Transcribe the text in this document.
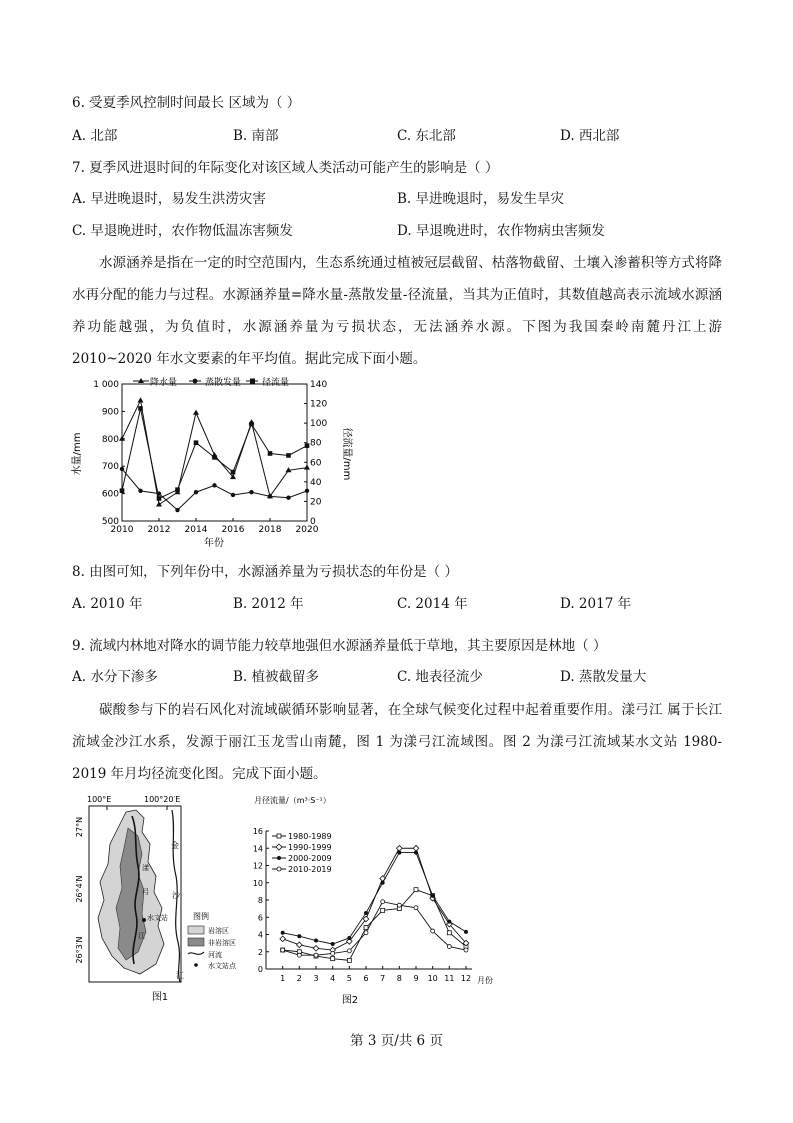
6. 受夏季风控制时间最长 区域为（ ）
A. 北部	B. 南部	C. 东北部	D. 西北部
7. 夏季风进退时间的年际变化对该区域人类活动可能产生的影响是（ ）
A. 早进晚退时，易发生洪涝灾害	B. 早进晚退时，易发生旱灾
C. 早退晚进时，农作物低温冻害频发	D. 早退晚进时，农作物病虫害频发
水源涵养是指在一定的时空范围内，生态系统通过植被冠层截留、枯落物截留、土壤入渗蓄积等方式将降水再分配的能力与过程。水源涵养量=降水量-蒸散发量-径流量，当其为正值时，其数值越高表示流域水源涵养功能越强，为负值时，水源涵养量为亏损状态，无法涵养水源。下图为我国秦岭南麓丹江上游 2010~2020 年水文要素的年平均值。据此完成下面小题。
500
600
700
800
900
1 000
0
20
40
60
80
100
120
140
2010 2012 2014 2016 2018 2020
降水量	蒸散发量 径流量
水量/mm	径流量/mm
年份
8. 由图可知，下列年份中，水源涵养量为亏损状态的年份是（ ）
A. 2010 年	B. 2012 年	C. 2014 年	D. 2017 年
9. 流域内林地对降水的调节能力较草地强但水源涵养量低于草地，其主要原因是林地（ ）
A. 水分下渗多	B. 植被截留多	C. 地表径流少	D. 蒸散发量大
碳酸参与下的岩石风化对流域碳循环影响显著，在全球气候变化过程中起着重要作用。漾弓江 属于长江流域金沙江水系，发源于丽江玉龙雪山南麓，图 1 为漾弓江流域图。图 2 为漾弓江流域某水文站 1980-2019 年月均径流变化图。完成下面小题。
100°E	100°20′E
27°N
26°4′N
26°3′N
金
沙
江
漾
弓
江
水文站	图例
岩溶区
非岩溶区
河流
水文站点
图1
月径流量/（m³·S⁻¹）
0
2
4
6
8
10
12
14
16
1 2 3 4 5 6 7 8 9 10 11 12 月份
1980-1989
1990-1999
2000-2009
2010-2019
图2
第 3 页/共 6 页
